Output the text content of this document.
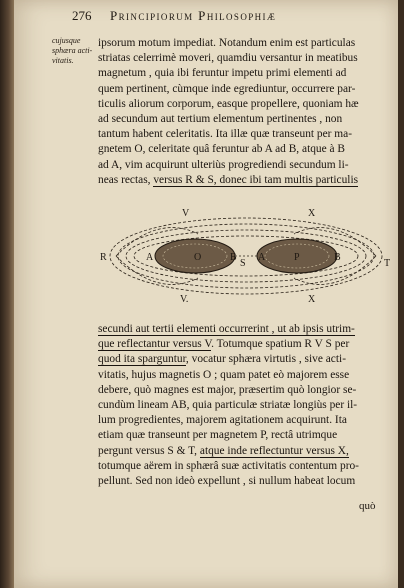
276 Principiorum Philosophiæ
cujusque
sphæra acti-
vitatis.
ipsorum motum impediat. Notandum enim est particulas
striatas celerrimè moveri, quamdiu versantur in meatibus
magnetum , quia ibi feruntur impetu primi elementi ad
quem pertinent, cùmque inde egrediuntur, occurrere par-
ticulis aliorum corporum, easque propellere, quoniam hæ
ad secundum aut tertium elementum pertinentes , non
tantum habent celeritatis. Ita illæ quæ transeunt per ma-
gnetem O, celeritate quâ feruntur ab A ad B, atque à B
ad A, vim acquirunt ulteriùs progrediendi secundum li-
neas rectas, versus R & S, donec ibi tam multis particulis
V	X
V.	X
R
T
A	O	B
S
A	P	B
secundi aut tertii elementi occurrerint , ut ab ipsis utrim-
que reflectantur versus V. Totumque spatium R V S per
quod ita sparguntur, vocatur sphæra virtutis , sive acti-
vitatis, hujus magnetis O ; quam patet eò majorem esse
debere, quò magnes est major, præsertim quò longior se-
cundùm lineam AB, quia particulæ striatæ longiùs per il-
lum progredientes, majorem agitationem acquirunt. Ita
etiam quæ transeunt per magnetem P, rectâ utrimque
pergunt versus S & T, atque inde reflectuntur versus X,
totumque aërem in sphærâ suæ activitatis contentum pro-
pellunt. Sed non ideò expellunt , si nullum habeat locum
quò
